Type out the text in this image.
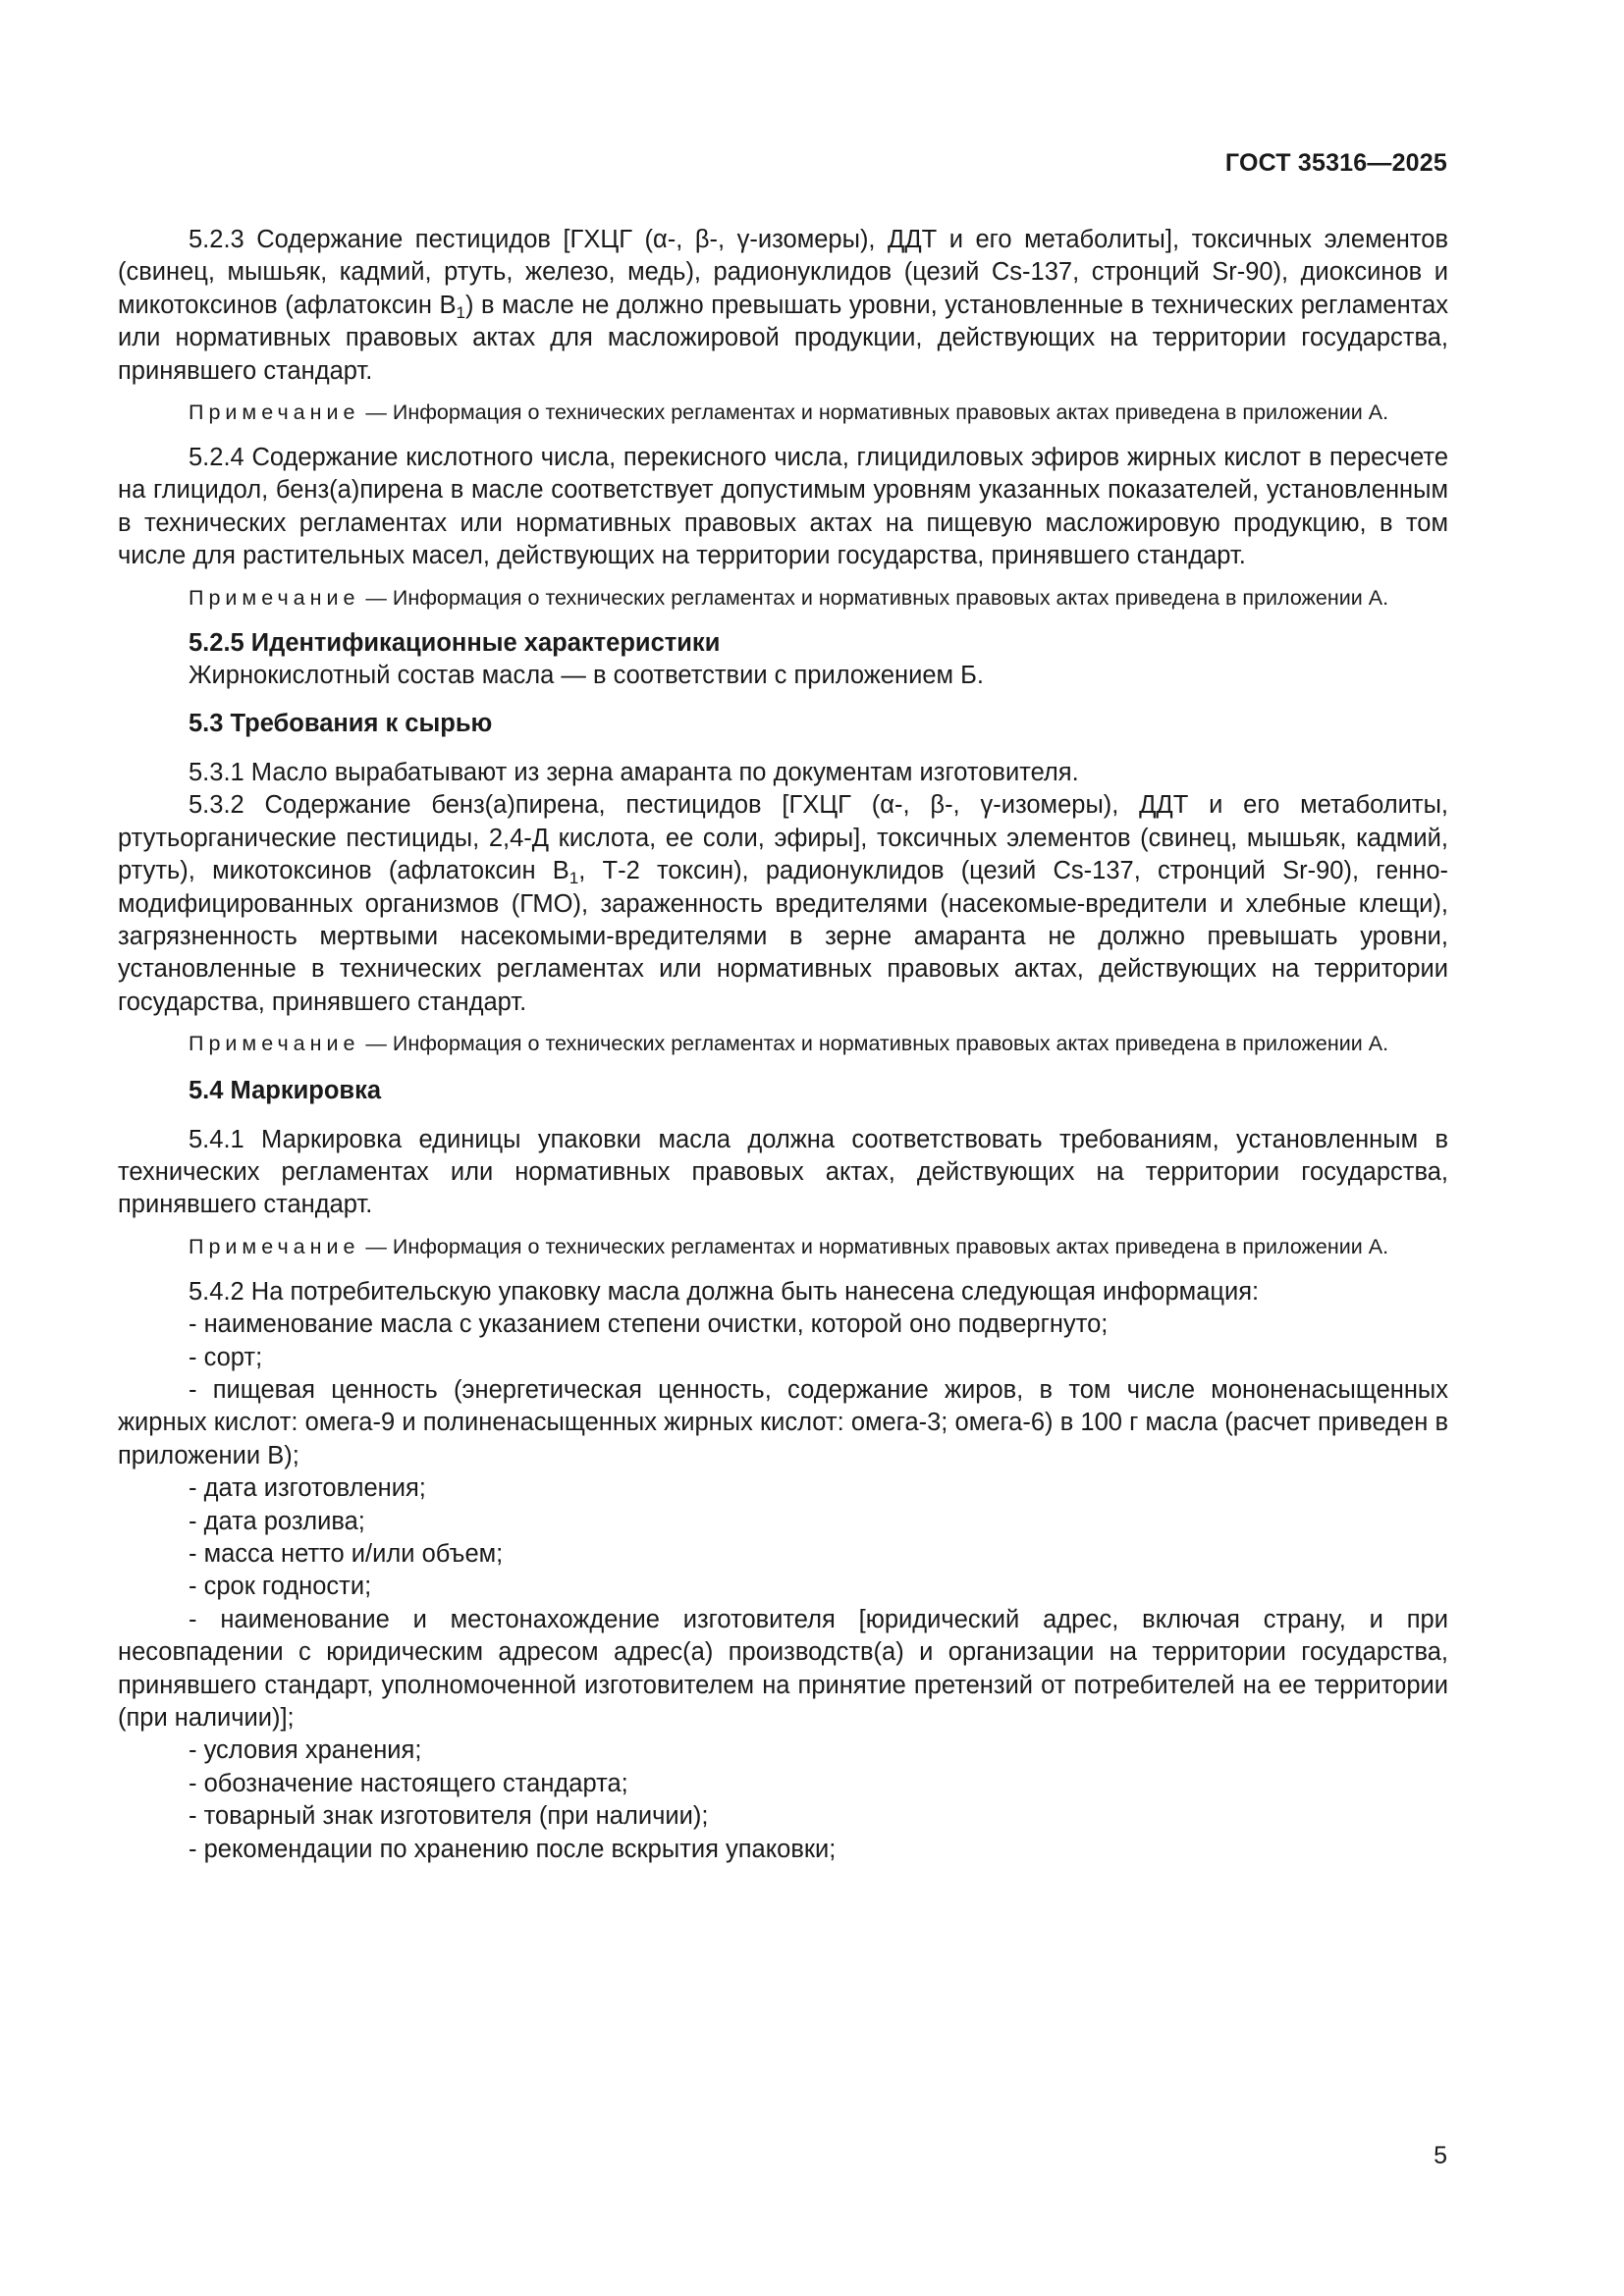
ГОСТ 35316—2025

5.2.3 Содержание пестицидов [ГХЦГ (α-, β-, γ-изомеры), ДДТ и его метаболиты], токсичных элементов (свинец, мышьяк, кадмий, ртуть, железо, медь), радионуклидов (цезий Cs-137, стронций Sr-90), диоксинов и микотоксинов (афлатоксин $B_1$) в масле не должно превышать уровни, установленные в технических регламентах или нормативных правовых актах для масложировой продукции, действующих на территории государства, принявшего стандарт.

Примечание — Информация о технических регламентах и нормативных правовых актах приведена в приложении А.

5.2.4 Содержание кислотного числа, перекисного числа, глицидиловых эфиров жирных кислот в пересчете на глицидол, бенз(а)пирена в масле соответствует допустимым уровням указанных показателей, установленным в технических регламентах или нормативных правовых актах на пищевую масложировую продукцию, в том числе для растительных масел, действующих на территории государства, принявшего стандарт.

Примечание — Информация о технических регламентах и нормативных правовых актах приведена в приложении А.

5.2.5 Идентификационные характеристики

Жирнокислотный состав масла — в соответствии с приложением Б.

5.3 Требования к сырью

5.3.1 Масло вырабатывают из зерна амаранта по документам изготовителя.

5.3.2 Содержание бенз(а)пирена, пестицидов [ГХЦГ (α-, β-, γ-изомеры), ДДТ и его метаболиты, ртутьорганические пестициды, 2,4-Д кислота, ее соли, эфиры], токсичных элементов (свинец, мышьяк, кадмий, ртуть), микотоксинов (афлатоксин $B_1$, Т-2 токсин), радионуклидов (цезий Cs-137, стронций Sr-90), генно-модифицированных организмов (ГМО), зараженность вредителями (насекомые-вредители и хлебные клещи), загрязненность мертвыми насекомыми-вредителями в зерне амаранта не должно превышать уровни, установленные в технических регламентах или нормативных правовых актах, действующих на территории государства, принявшего стандарт.

Примечание — Информация о технических регламентах и нормативных правовых актах приведена в приложении А.

5.4 Маркировка

5.4.1 Маркировка единицы упаковки масла должна соответствовать требованиям, установленным в технических регламентах или нормативных правовых актах, действующих на территории государства, принявшего стандарт.

Примечание — Информация о технических регламентах и нормативных правовых актах приведена в приложении А.

5.4.2 На потребительскую упаковку масла должна быть нанесена следующая информация:

- наименование масла с указанием степени очистки, которой оно подвергнуто;

- сорт;

- пищевая ценность (энергетическая ценность, содержание жиров, в том числе мононенасыщенных жирных кислот: омега-9 и полиненасыщенных жирных кислот: омега-3; омега-6) в 100 г масла (расчет приведен в приложении В);

- дата изготовления;

- дата розлива;

- масса нетто и/или объем;

- срок годности;

- наименование и местонахождение изготовителя [юридический адрес, включая страну, и при несовпадении с юридическим адресом адрес(а) производств(а) и организации на территории государства, принявшего стандарт, уполномоченной изготовителем на принятие претензий от потребителей на ее территории (при наличии)];

- условия хранения;

- обозначение настоящего стандарта;

- товарный знак изготовителя (при наличии);

- рекомендации по хранению после вскрытия упаковки;

5
